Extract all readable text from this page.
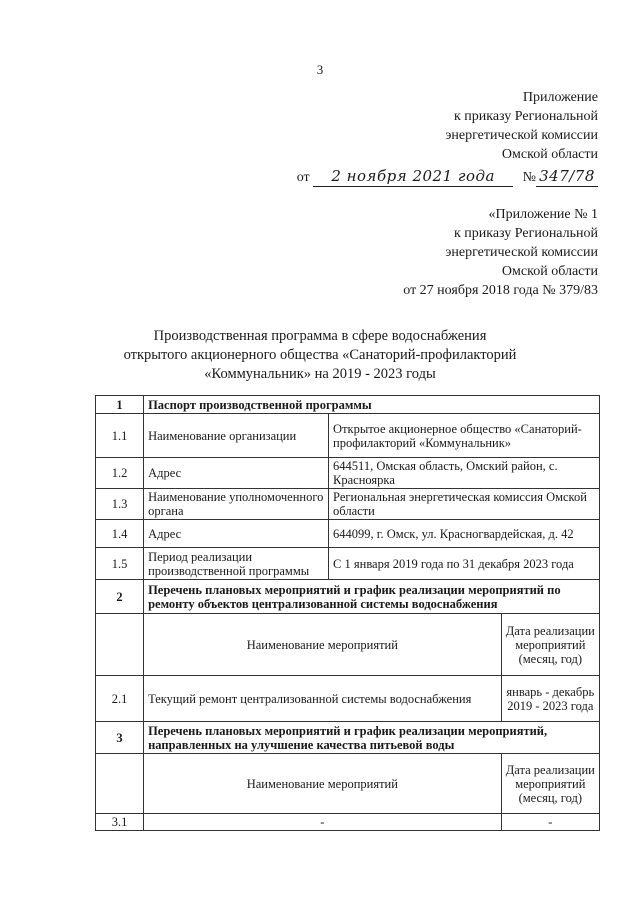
3
Приложение
к приказу Региональной
энергетической комиссии
Омской области
от 2 ноября 2021 года № 347/78
«Приложение № 1
к приказу Региональной
энергетической комиссии
Омской области
от 27 ноября 2018 года № 379/83
Производственная программа в сфере водоснабжения
открытого акционерного общества «Санаторий-профилакторий
«Коммунальник» на 2019 - 2023 годы
1	Паспорт производственной программы		
1.1	Наименование организации	Открытое акционерное общество «Санаторий- профилакторий «Коммунальник»	
1.2	Адрес	644511, Омская область, Омский район, с. Красноярка	
1.3	Наименование уполномоченного органа	Региональная энергетическая комиссия Омской области	
1.4	Адрес	644099, г. Омск, ул. Красногвардейская, д. 42	
1.5	Период реализации производственной программы	С 1 января 2019 года по 31 декабря 2023 года	
2	Перечень плановых мероприятий и график реализации мероприятий по ремонту объектов централизованной системы водоснабжения		
	Наименование мероприятий		Дата реализации мероприятий (месяц, год)
2.1	Текущий ремонт централизованной системы водоснабжения		январь - декабрь 2019 - 2023 года
3	Перечень плановых мероприятий и график реализации мероприятий, направленных на улучшение качества питьевой воды		
	Наименование мероприятий		Дата реализации мероприятий (месяц, год)
3.1	-		-
